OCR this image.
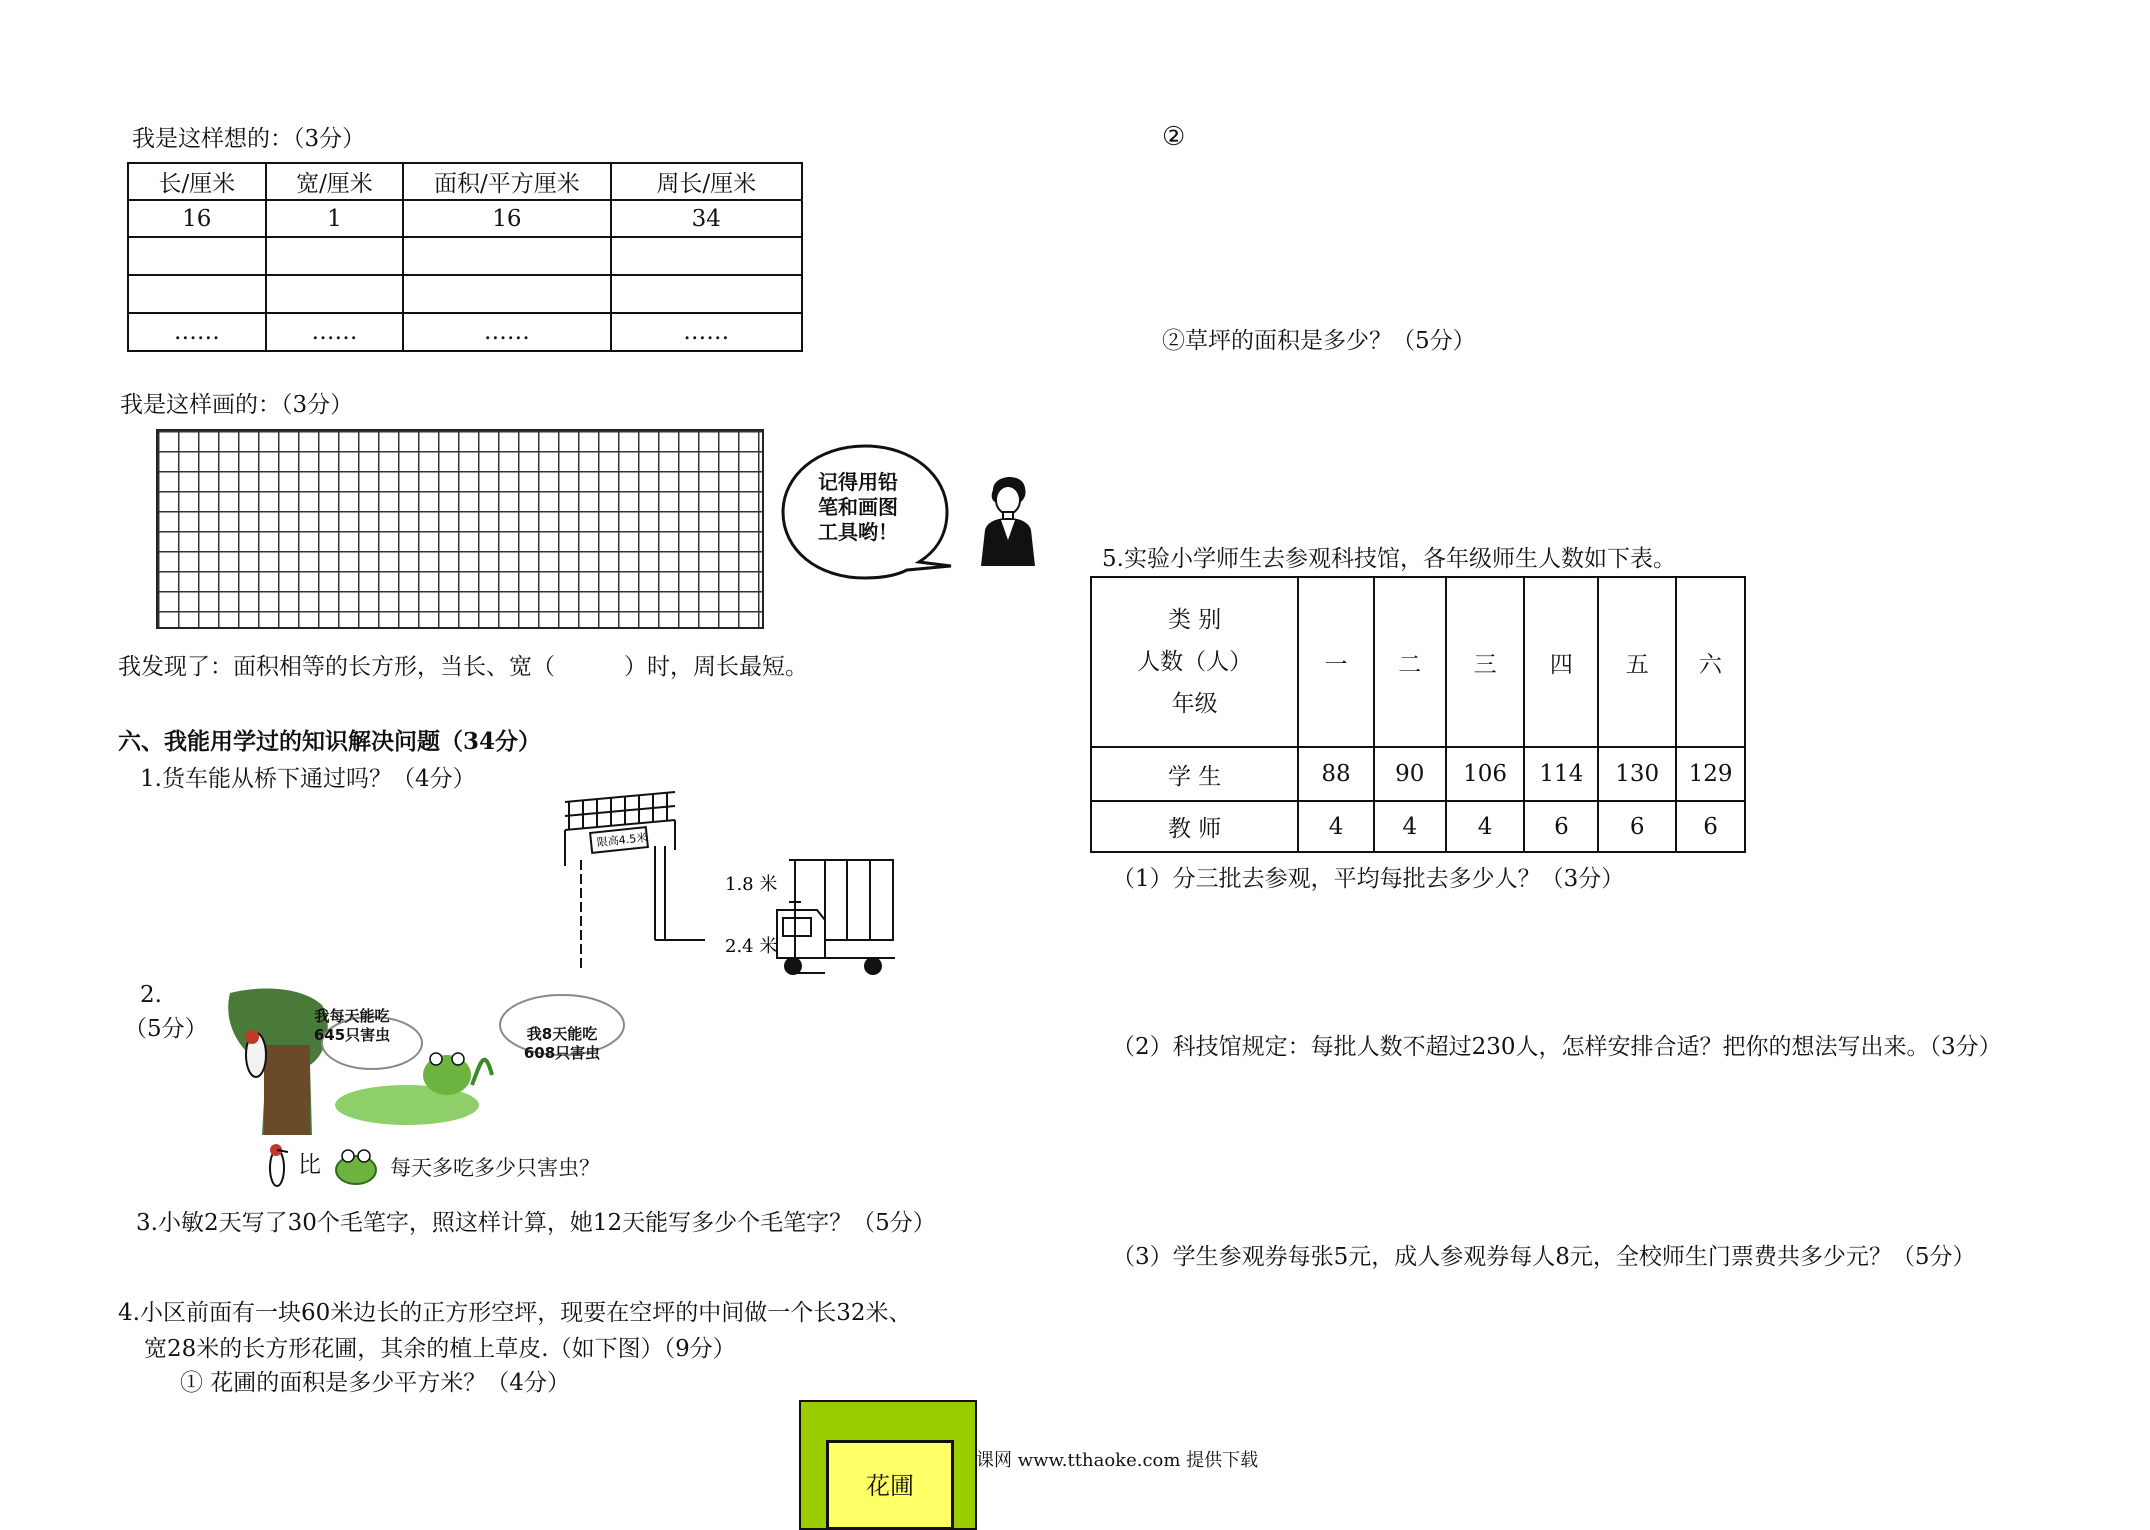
我是这样想的：（3分）
长/厘米	宽/厘米	面积/平方厘米	周长/厘米
16	1	16	34

……	……	……	……
我是这样画的：（3分）
记得用铅
笔和画图
工具哟！
我发现了：面积相等的长方形，当长、宽（　　　）时，周长最短。
六、我能用学过的知识解决问题（34分）
1.货车能从桥下通过吗？（4分）
限高4.5米
1.8 米
2.4 米
2.
（5分）	我每天能吃
645只害虫	我8天能吃
608只害虫
比	每天多吃多少只害虫？
3.小敏2天写了30个毛笔字，照这样计算，她12天能写多少个毛笔字？（5分）
4.小区前面有一块60米边长的正方形空坪，现要在空坪的中间做一个长32米、
宽28米的长方形花圃，其余的植上草皮.（如下图）（9分）
① 花圃的面积是多少平方米？（4分）
花圃
课网 www.tthaoke.com 提供下载
②
②草坪的面积是多少？（5分）
5.实验小学师生去参观科技馆，各年级师生人数如下表。
类 别
人数（人）
年级	一	二	三	四	五	六
学 生	88	90	106	114	130	129
教 师	4	4	4	6	6	6
（1）分三批去参观，平均每批去多少人？（3分）
（2）科技馆规定：每批人数不超过230人，怎样安排合适？把你的想法写出来。（3分）
（3）学生参观券每张5元，成人参观券每人8元，全校师生门票费共多少元？（5分）
